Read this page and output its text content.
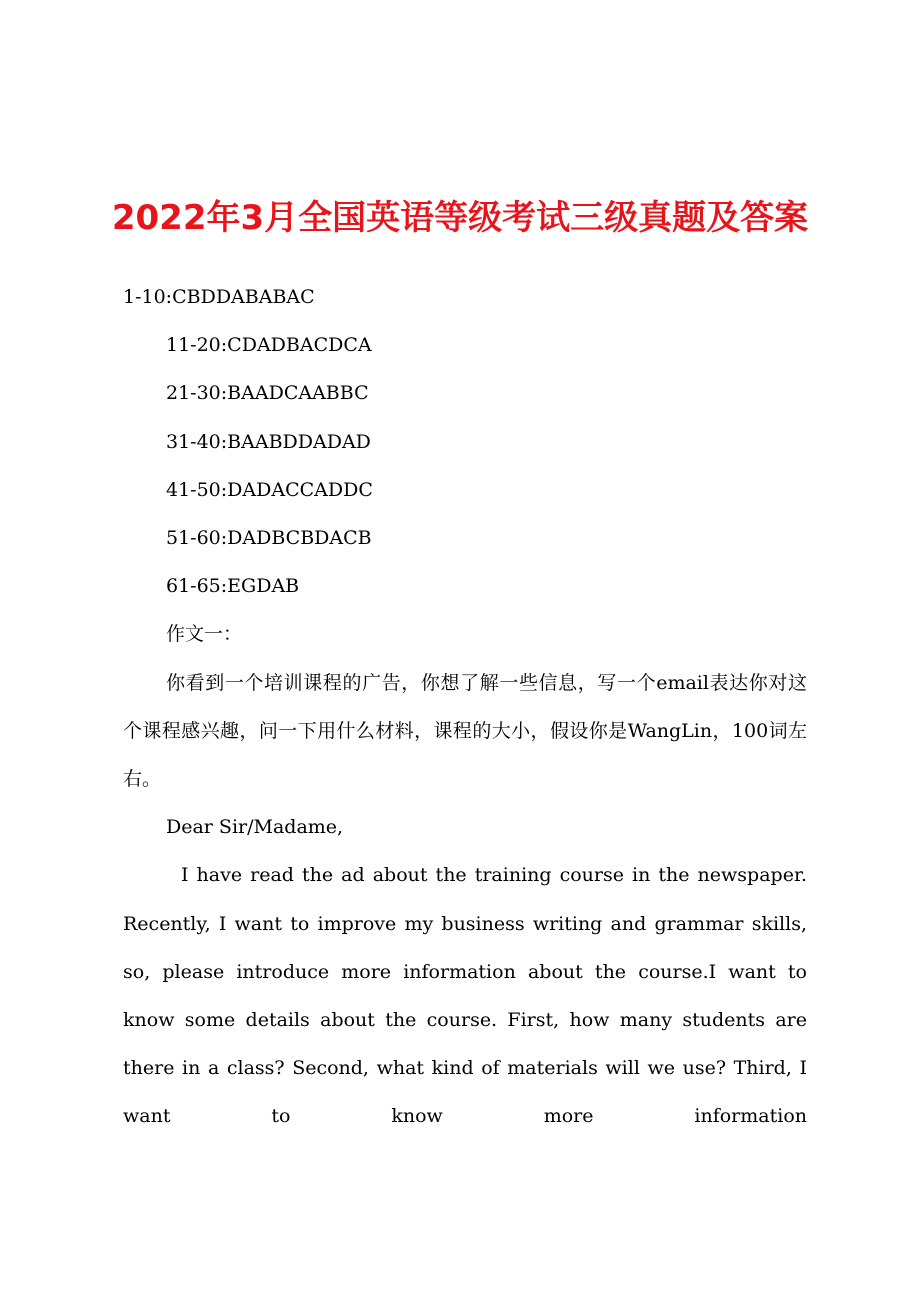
2022年3月全国英语等级考试三级真题及答案

1-10:CBDDABABAC

11-20:CDADBACDCA

21-30:BAADCAABBC

31-40:BAABDDADAD

41-50:DADACCADDC

51-60:DADBCBDACB

61-65:EGDAB

作文一：

你看到一个培训课程的广告，你想了解一些信息，写一个email表达你对这个课程感兴趣，问一下用什么材料，课程的大小，假设你是WangLin，100词左右。

Dear Sir/Madame,

I have read the ad about the training course in the newspaper. Recently, I want to improve my business writing and grammar skills, so, please introduce more information about the course.I want to know some details about the course. First, how many students are there in a class? Second, what kind of materials will we use? Third, I want to know more information
